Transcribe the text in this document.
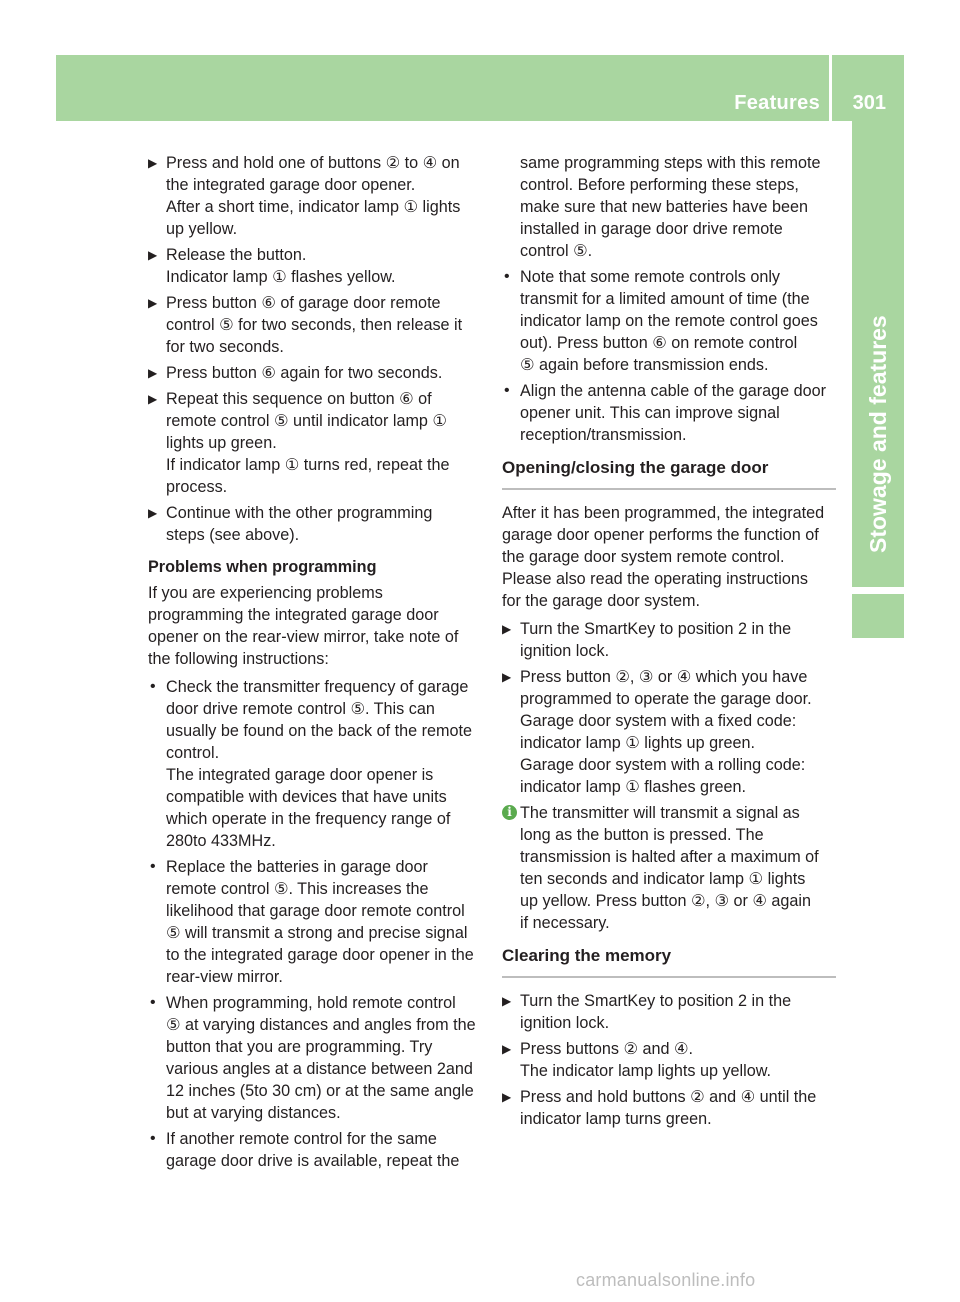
Features 301
Stowage and features
▶ Press and hold one of buttons ② to ④ on

the integrated garage door opener.

After a short time, indicator lamp ① lights

up yellow.

▶ Release the button.

Indicator lamp ① flashes yellow.

▶ Press button ⑥ of garage door remote

control ⑤ for two seconds, then release it

for two seconds.

▶ Press button ⑥ again for two seconds.

▶ Repeat this sequence on button ⑥ of

remote control ⑤ until indicator lamp ①

lights up green.

If indicator lamp ① turns red, repeat the

process.

▶ Continue with the other programming

steps (see above).

Problems when programming

If you are experiencing problems

programming the integrated garage door

opener on the rear-view mirror, take note of

the following instructions:

• Check the transmitter frequency of garage

door drive remote control ⑤. This can

usually be found on the back of the remote

control.

The integrated garage door opener is

compatible with devices that have units

which operate in the frequency range of

280to 433MHz.

• Replace the batteries in garage door

remote control ⑤. This increases the

likelihood that garage door remote control

⑤ will transmit a strong and precise signal

to the integrated garage door opener in the

rear-view mirror.

• When programming, hold remote control

⑤ at varying distances and angles from the

button that you are programming. Try

various angles at a distance between 2and

12 inches (5to 30 cm) or at the same angle

but at varying distances.

• If another remote control for the same

garage door drive is available, repeat the

same programming steps with this remote

control. Before performing these steps,

make sure that new batteries have been

installed in garage door drive remote

control ⑤.

• Note that some remote controls only

transmit for a limited amount of time (the

indicator lamp on the remote control goes

out). Press button ⑥ on remote control

⑤ again before transmission ends.

• Align the antenna cable of the garage door

opener unit. This can improve signal

reception/transmission.

Opening/closing the garage door

After it has been programmed, the integrated

garage door opener performs the function of

the garage door system remote control.

Please also read the operating instructions

for the garage door system.

▶ Turn the SmartKey to position 2 in the

ignition lock.

▶ Press button ②, ③ or ④ which you have

programmed to operate the garage door.

Garage door system with a fixed code:

indicator lamp ① lights up green.

Garage door system with a rolling code:

indicator lamp ① flashes green.

i The transmitter will transmit a signal as

long as the button is pressed. The

transmission is halted after a maximum of

ten seconds and indicator lamp ① lights

up yellow. Press button ②, ③ or ④ again

if necessary.

Clearing the memory
▶ Turn the SmartKey to position 2 in the

ignition lock.

▶ Press buttons ② and ④.

The indicator lamp lights up yellow.

▶ Press and hold buttons ② and ④ until the

indicator lamp turns green.

carmanualsonline.info
